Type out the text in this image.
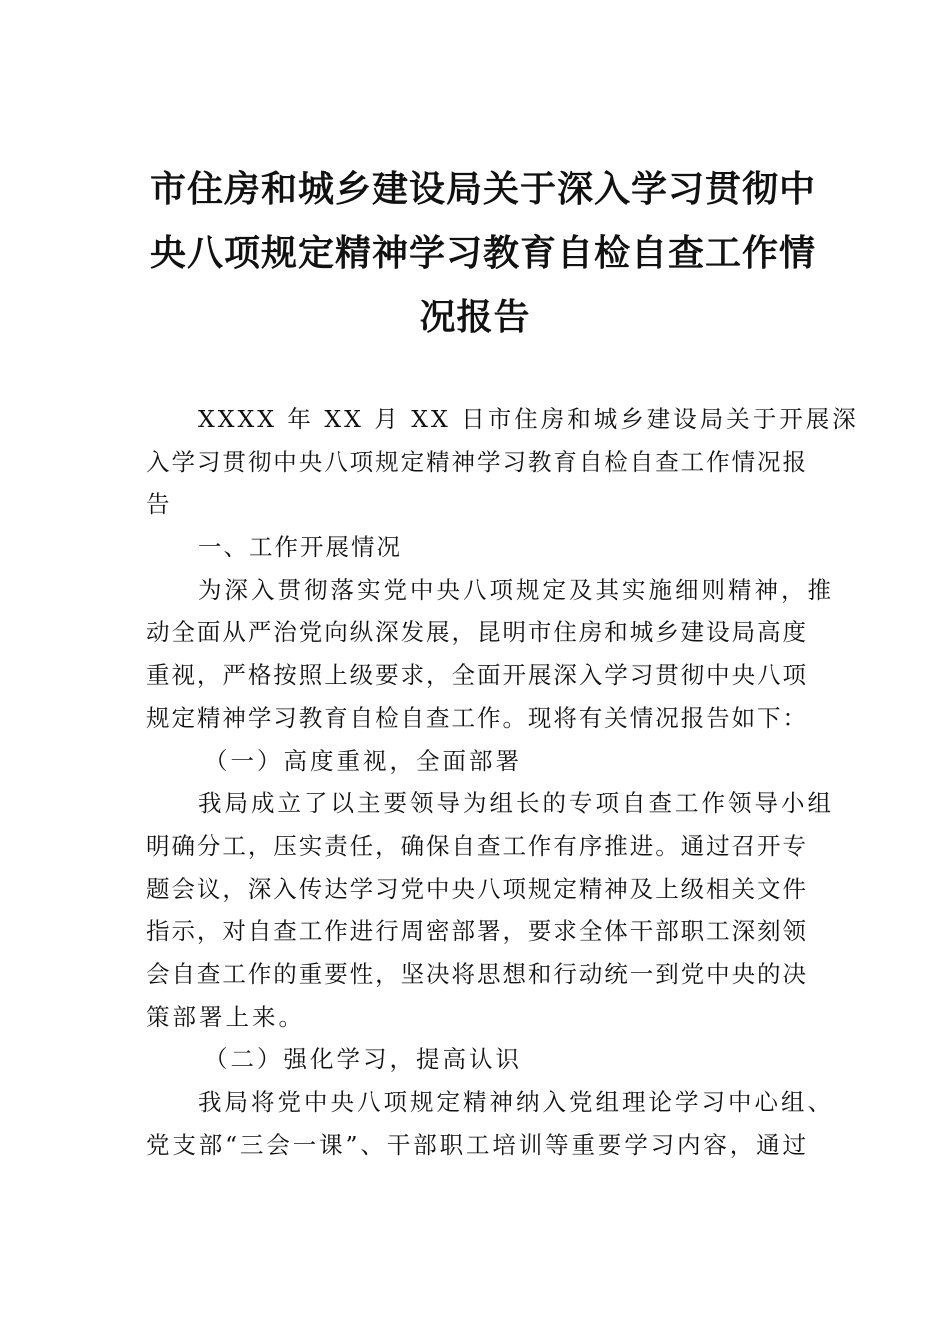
市住房和城乡建设局关于深入学习贯彻中
央八项规定精神学习教育自检自查工作情
况报告
XXXX 年 XX 月 XX 日市住房和城乡建设局关于开展深
入学习贯彻中央八项规定精神学习教育自检自查工作情况报
告
一、工作开展情况
为深入贯彻落实党中央八项规定及其实施细则精神，推
动全面从严治党向纵深发展，昆明市住房和城乡建设局高度
重视，严格按照上级要求，全面开展深入学习贯彻中央八项
规定精神学习教育自检自查工作。现将有关情况报告如下：
（一）高度重视，全面部署
我局成立了以主要领导为组长的专项自查工作领导小组
明确分工，压实责任，确保自查工作有序推进。通过召开专
题会议，深入传达学习党中央八项规定精神及上级相关文件
指示，对自查工作进行周密部署，要求全体干部职工深刻领
会自查工作的重要性，坚决将思想和行动统一到党中央的决
策部署上来。
（二）强化学习，提高认识
我局将党中央八项规定精神纳入党组理论学习中心组、
党支部“三会一课”、干部职工培训等重要学习内容，通过
